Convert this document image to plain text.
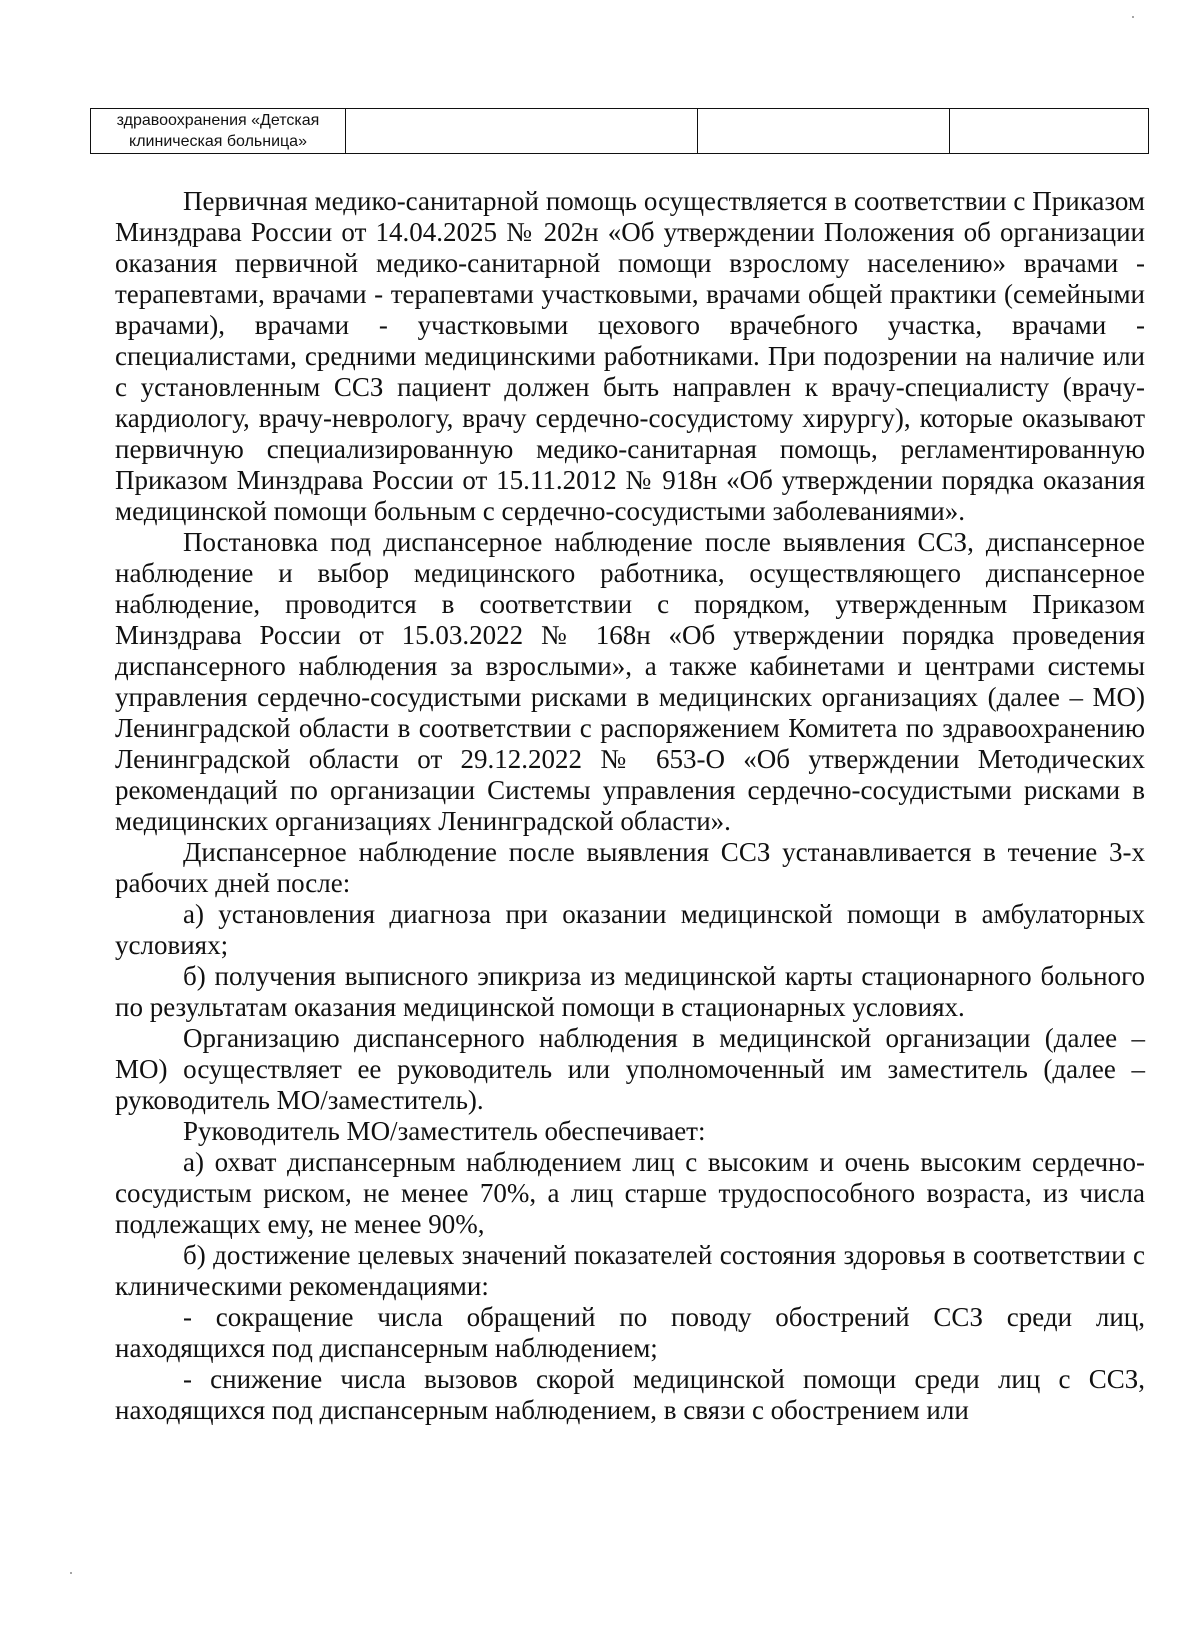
здравоохранения «Детская клиническая больница»			

Первичная медико-санитарной помощь осуществляется в соответствии с Приказом Минздрава России от 14.04.2025 № 202н «Об утверждении Положения об организации оказания первичной медико-санитарной помощи взрослому населению» врачами - терапевтами, врачами - терапевтами участковыми, врачами общей практики (семейными врачами), врачами - участковыми цехового врачебного участка, врачами - специалистами, средними медицинскими работниками. При подозрении на наличие или с установленным ССЗ пациент должен быть направлен к врачу-специалисту (врачу-кардиологу, врачу-неврологу, врачу сердечно-сосудистому хирургу), которые оказывают первичную специализированную медико-санитарная помощь, регламентированную Приказом Минздрава России от 15.11.2012 № 918н «Об утверждении порядка оказания медицинской помощи больным с сердечно-сосудистыми заболеваниями».

Постановка под диспансерное наблюдение после выявления ССЗ, диспансерное наблюдение и выбор медицинского работника, осуществляющего диспансерное наблюдение, проводится в соответствии с порядком, утвержденным Приказом Минздрава России от 15.03.2022 № 168н «Об утверждении порядка проведения диспансерного наблюдения за взрослыми», а также кабинетами и центрами системы управления сердечно-сосудистыми рисками в медицинских организациях (далее – МО) Ленинградской области в соответствии с распоряжением Комитета по здравоохранению Ленинградской области от 29.12.2022 № 653-О «Об утверждении Методических рекомендаций по организации Системы управления сердечно-сосудистыми рисками в медицинских организациях Ленинградской области».

Диспансерное наблюдение после выявления ССЗ устанавливается в течение 3-х рабочих дней после:

а) установления диагноза при оказании медицинской помощи в амбулаторных условиях;

б) получения выписного эпикриза из медицинской карты стационарного больного по результатам оказания медицинской помощи в стационарных условиях.

Организацию диспансерного наблюдения в медицинской организации (далее – МО) осуществляет ее руководитель или уполномоченный им заместитель (далее – руководитель МО/заместитель).

Руководитель МО/заместитель обеспечивает:

а) охват диспансерным наблюдением лиц с высоким и очень высоким сердечно-сосудистым риском, не менее 70%, а лиц старше трудоспособного возраста, из числа подлежащих ему, не менее 90%,

б) достижение целевых значений показателей состояния здоровья в соответствии с клиническими рекомендациями:

- сокращение числа обращений по поводу обострений ССЗ среди лиц, находящихся под диспансерным наблюдением;

- снижение числа вызовов скорой медицинской помощи среди лиц с ССЗ, находящихся под диспансерным наблюдением, в связи с обострением или
